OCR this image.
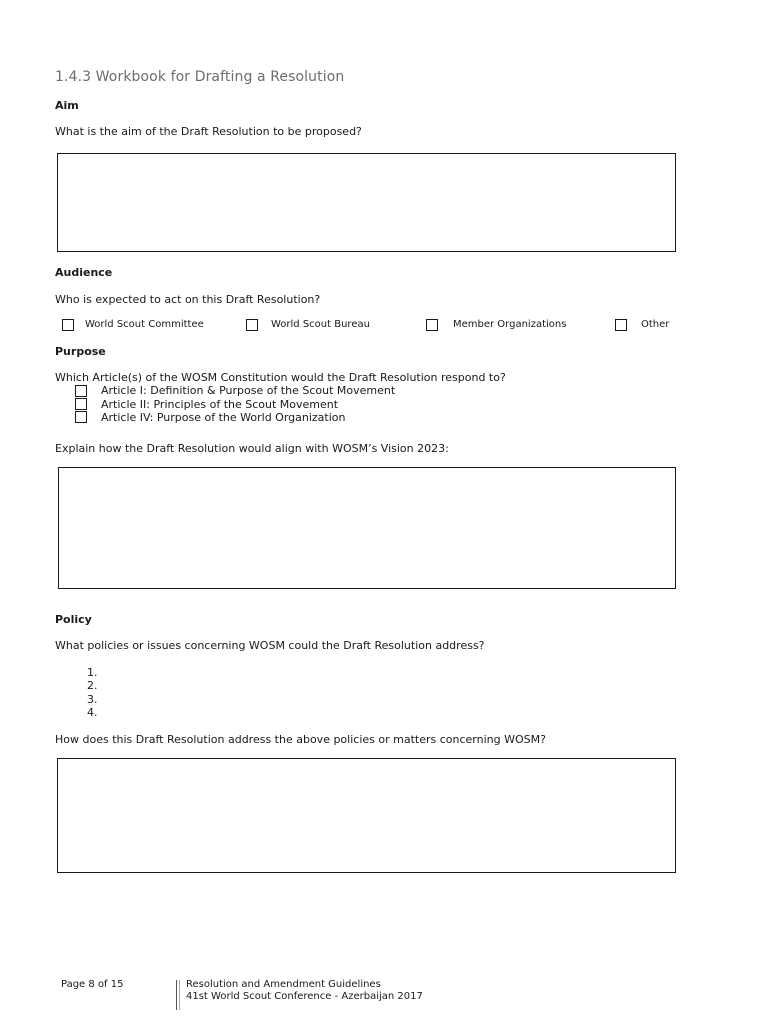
1.4.3 Workbook for Drafting a Resolution
Aim
What is the aim of the Draft Resolution to be proposed?
Audience
Who is expected to act on this Draft Resolution?
World Scout Committee	World Scout Bureau	Member Organizations	Other
Purpose
Which Article(s) of the WOSM Constitution would the Draft Resolution respond to?
Article I: Definition & Purpose of the Scout Movement
Article II: Principles of the Scout Movement
Article IV: Purpose of the World Organization
Explain how the Draft Resolution would align with WOSM’s Vision 2023:
Policy
What policies or issues concerning WOSM could the Draft Resolution address?
1.
2.
3.
4.
How does this Draft Resolution address the above policies or matters concerning WOSM?
Page 8 of 15	Resolution and Amendment Guidelines
41st World Scout Conference - Azerbaijan 2017
